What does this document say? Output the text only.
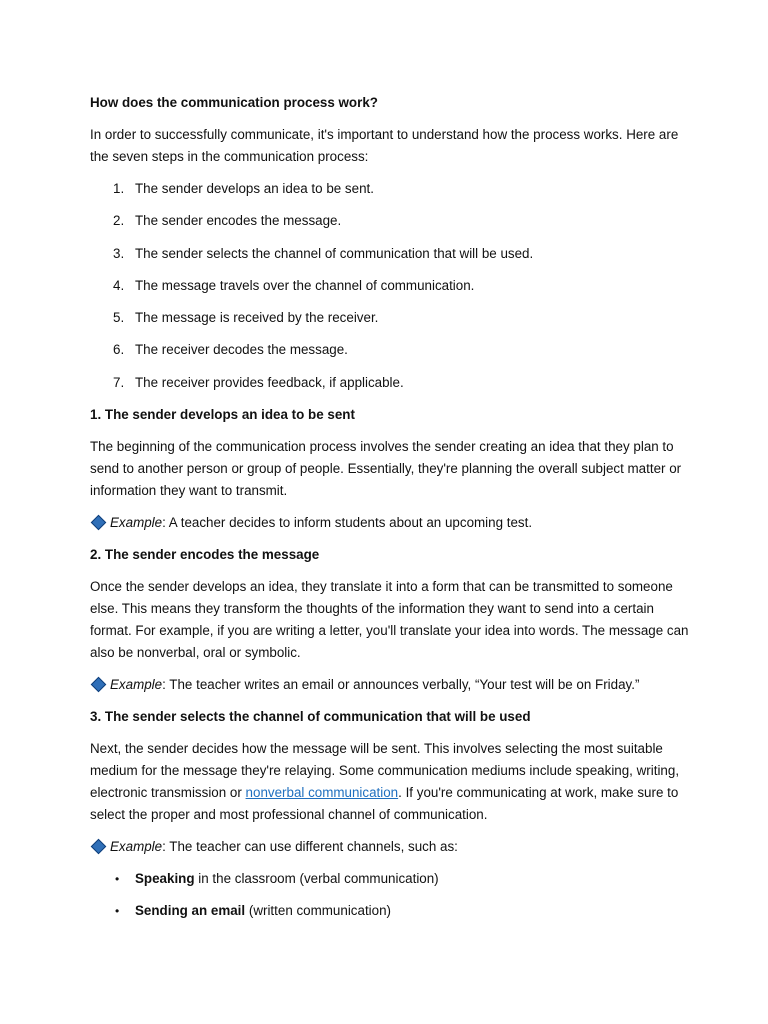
How does the communication process work?

In order to successfully communicate, it's important to understand how the process works. Here are the seven steps in the communication process:

1. The sender develops an idea to be sent.
2. The sender encodes the message.
3. The sender selects the channel of communication that will be used.
4. The message travels over the channel of communication.
5. The message is received by the receiver.
6. The receiver decodes the message.
7. The receiver provides feedback, if applicable.

1. The sender develops an idea to be sent

The beginning of the communication process involves the sender creating an idea that they plan to send to another person or group of people. Essentially, they're planning the overall subject matter or information they want to transmit.

Example : A teacher decides to inform students about an upcoming test.

2. The sender encodes the message

Once the sender develops an idea, they translate it into a form that can be transmitted to someone else. This means they transform the thoughts of the information they want to send into a certain format. For example, if you are writing a letter, you'll translate your idea into words. The message can also be nonverbal, oral or symbolic.

Example : The teacher writes an email or announces verbally, “Your test will be on Friday.”

3. The sender selects the channel of communication that will be used

Next, the sender decides how the message will be sent. This involves selecting the most suitable medium for the message they're relaying. Some communication mediums include speaking, writing, electronic transmission or nonverbal communication. If you're communicating at work, make sure to select the proper and most professional channel of communication.

Example : The teacher can use different channels, such as:
•	Speaking in the classroom (verbal communication)
•	Sending an email (written communication)
